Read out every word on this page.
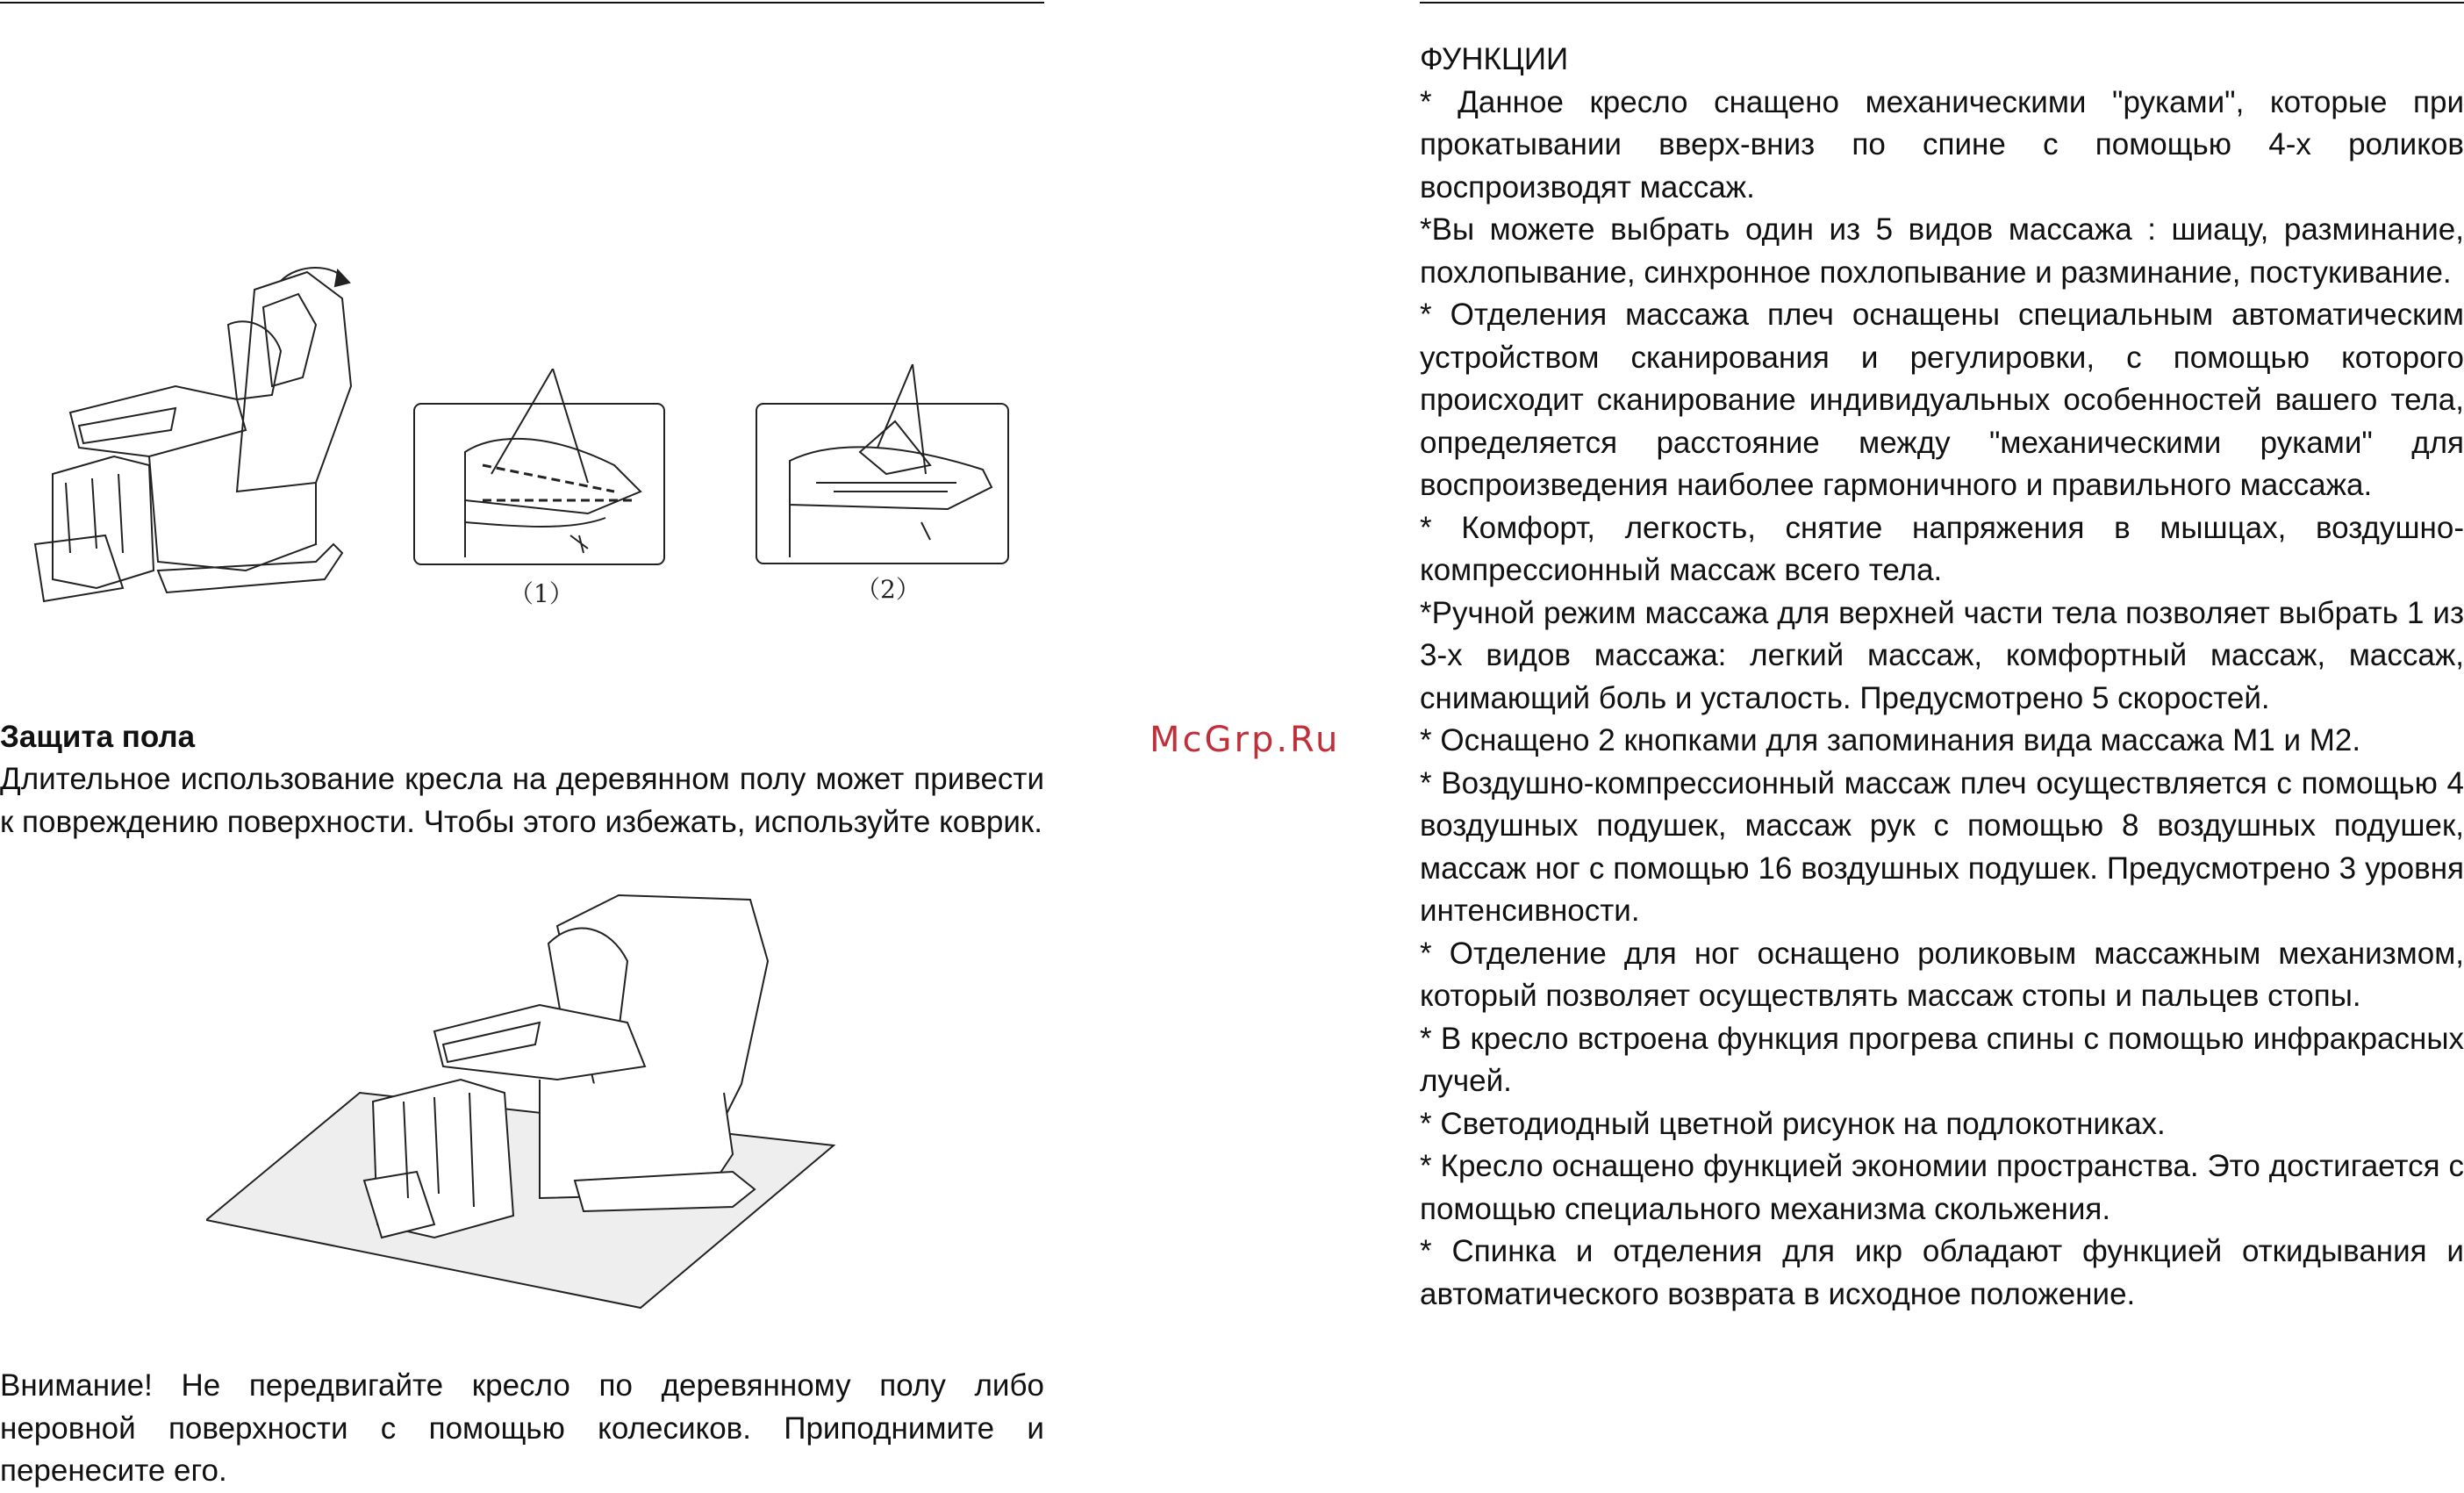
（1）	（2）

Защита пола

Длительное использование кресла на деревянном полу может привести к повреждению поверхности. Чтобы этого избежать, используйте коврик.

Внимание! Не передвигайте кресло по деревянному полу либо неровной поверхности с помощью колесиков. Приподнимите и перенесите его.

McGrp.Ru

ФУНКЦИИ

* Данное кресло снащено механическими "руками", которые при прокатывании вверх-вниз по спине с помощью 4-х роликов воспроизводят массаж.

*Вы можете выбрать один из 5 видов массажа : шиацу, разминание, похлопывание, синхронное похлопывание и разминание, постукивание.

* Отделения массажа плеч оснащены специальным автоматическим устройством сканирования и регулировки, с помощью которого происходит сканирование индивидуальных особенностей вашего тела, определяется расстояние между "механическими руками" для воспроизведения наиболее гармоничного и правильного массажа.

* Комфорт, легкость, снятие напряжения в мышцах, воздушно-компрессионный массаж всего тела.

*Ручной режим массажа для верхней части тела позволяет выбрать 1 из 3-х видов массажа: легкий массаж, комфортный массаж, массаж, снимающий боль и усталость. Предусмотрено 5 скоростей.

* Оснащено 2 кнопками для запоминания вида массажа М1 и М2.

* Воздушно-компрессионный массаж плеч осуществляется с помощью 4 воздушных подушек, массаж рук с помощью 8 воздушных подушек, массаж ног с помощью 16 воздушных подушек. Предусмотрено 3 уровня интенсивности.

* Отделение для ног оснащено роликовым массажным механизмом, который позволяет осуществлять массаж стопы и пальцев стопы.

* В кресло встроена функция прогрева спины с помощью инфракрасных лучей.

* Светодиодный цветной рисунок на подлокотниках.

* Кресло оснащено функцией экономии пространства. Это достигается с помощью специального механизма скольжения.

* Спинка и отделения для икр обладают функцией откидывания и автоматического возврата в исходное положение.
